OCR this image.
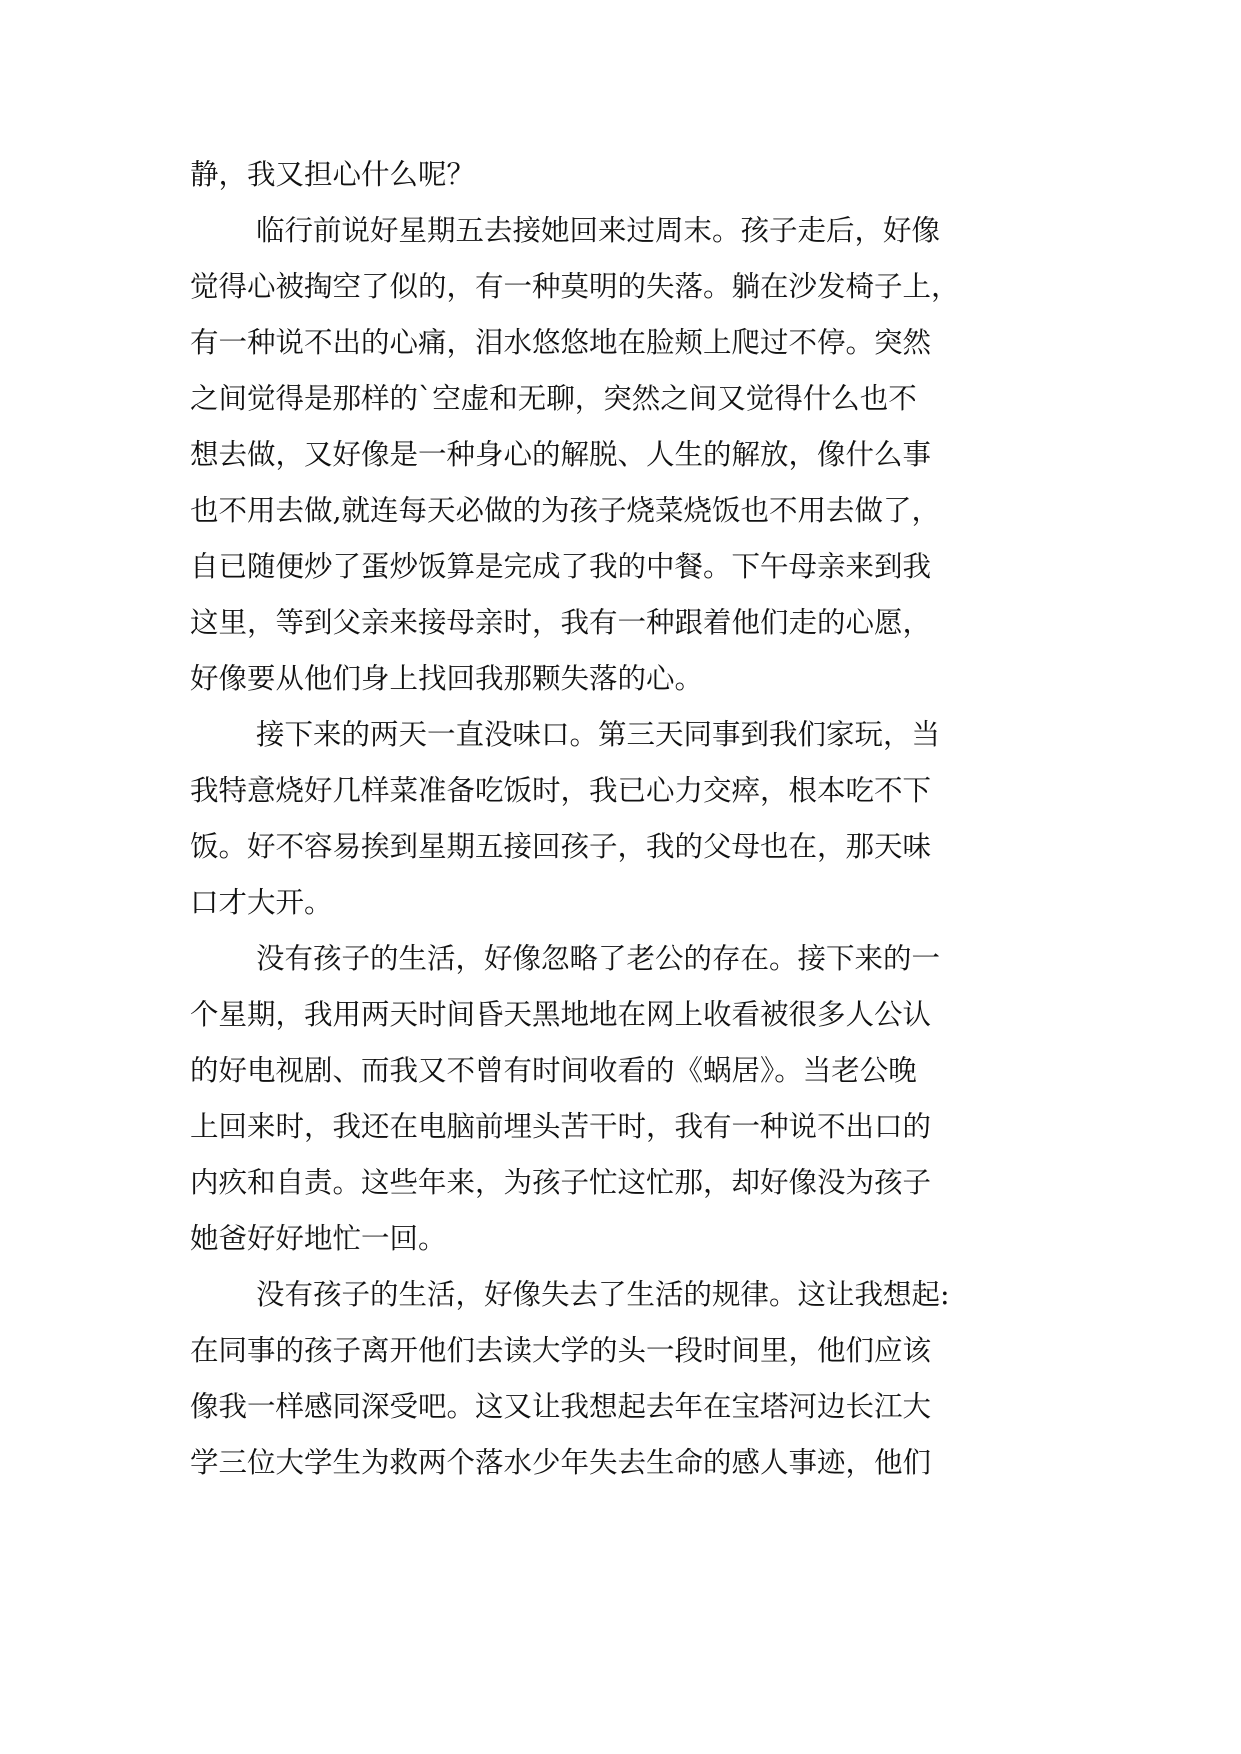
静，我又担心什么呢？
临行前说好星期五去接她回来过周末。孩子走后，好像
觉得心被掏空了似的，有一种莫明的失落。躺在沙发椅子上，
有一种说不出的心痛，泪水悠悠地在脸颊上爬过不停。突然
之间觉得是那样的`空虚和无聊，突然之间又觉得什么也不
想去做，又好像是一种身心的解脱、人生的解放，像什么事
也不用去做,就连每天必做的为孩子烧菜烧饭也不用去做了，
自已随便炒了蛋炒饭算是完成了我的中餐。下午母亲来到我
这里，等到父亲来接母亲时，我有一种跟着他们走的心愿，
好像要从他们身上找回我那颗失落的心。
接下来的两天一直没味口。第三天同事到我们家玩，当
我特意烧好几样菜准备吃饭时，我已心力交瘁，根本吃不下
饭。好不容易挨到星期五接回孩子，我的父母也在，那天味
口才大开。
没有孩子的生活，好像忽略了老公的存在。接下来的一
个星期，我用两天时间昏天黑地地在网上收看被很多人公认
的好电视剧、而我又不曾有时间收看的《蜗居》。当老公晚
上回来时，我还在电脑前埋头苦干时，我有一种说不出口的
内疚和自责。这些年来，为孩子忙这忙那，却好像没为孩子
她爸好好地忙一回。
没有孩子的生活，好像失去了生活的规律。这让我想起:
在同事的孩子离开他们去读大学的头一段时间里，他们应该
像我一样感同深受吧。这又让我想起去年在宝塔河边长江大
学三位大学生为救两个落水少年失去生命的感人事迹，他们
